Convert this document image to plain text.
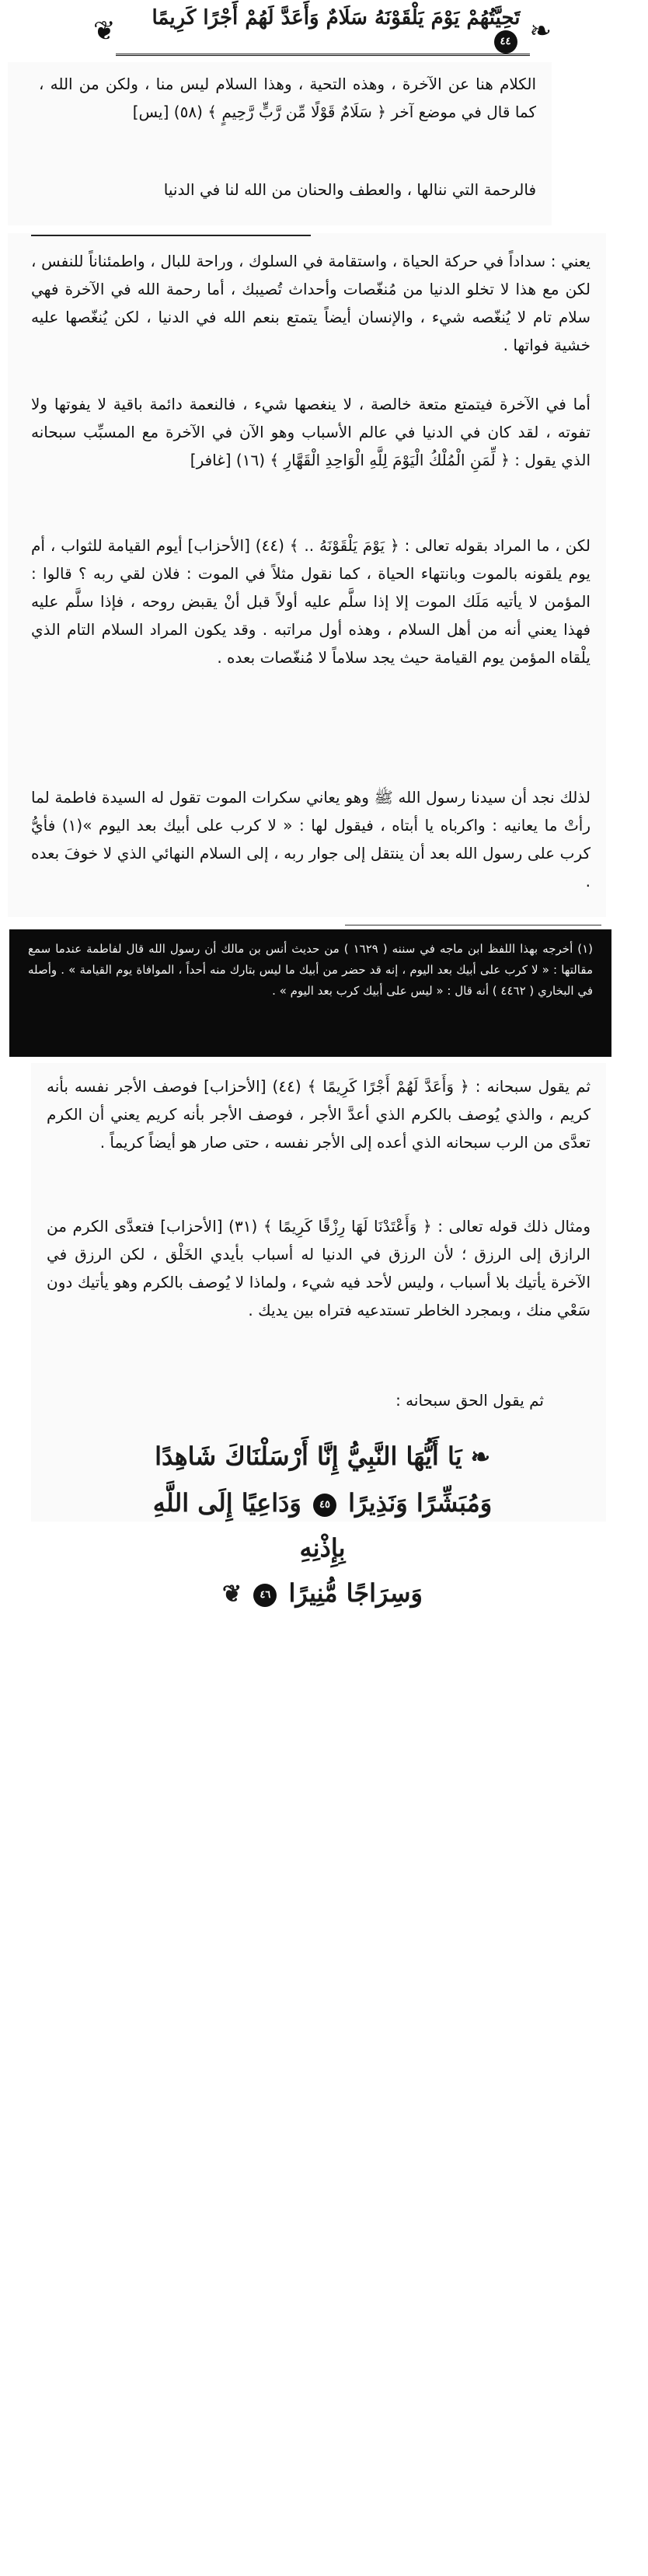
❦	تَحِيَّتُهُمْ يَوْمَ يَلْقَوْنَهُ سَلَامٌ وَأَعَدَّ لَهُمْ أَجْرًا كَرِيمًا ٤٤ ❧
الكلام هنا عن الآخرة ، وهذه التحية ، وهذا السلام ليس منا ، ولكن من الله ، كما قال في موضع آخر ﴿ سَلَامٌ قَوْلًا مِّن رَّبٍّ رَّحِيمٍ ﴾ (٥٨) [يس]
فالرحمة التي ننالها ، والعطف والحنان من الله لنا في الدنيا
يعني : سداداً في حركة الحياة ، واستقامة في السلوك ، وراحة للبال ، واطمئناناً للنفس ، لكن مع هذا لا تخلو الدنيا من مُنغّصات وأحداث تُصيبك ، أما رحمة الله في الآخرة فهي سلام تام لا يُنغّصه شيء ، والإنسان أيضاً يتمتع بنعم الله في الدنيا ، لكن يُنغّصها عليه خشية فواتها .
أما في الآخرة فيتمتع متعة خالصة ، لا ينغصها شيء ، فالنعمة دائمة باقية لا يفوتها ولا تفوته ، لقد كان في الدنيا في عالم الأسباب وهو الآن في الآخرة مع المسبِّب سبحانه الذي يقول : ﴿ لِّمَنِ الْمُلْكُ الْيَوْمَ لِلَّهِ الْوَاحِدِ الْقَهَّارِ ﴾ (١٦) [غافر]
لكن ، ما المراد بقوله تعالى : ﴿ يَوْمَ يَلْقَوْنَهُ .. ﴾ (٤٤) [الأحزاب] أيوم القيامة للثواب ، أم يوم يلقونه بالموت وبانتهاء الحياة ، كما نقول مثلاً في الموت : فلان لقي ربه ؟ قالوا : المؤمن لا يأتيه مَلَك الموت إلا إذا سلَّم عليه أولاً قبل أنْ يقبض روحه ، فإذا سلَّم عليه فهذا يعني أنه من أهل السلام ، وهذه أول مراتبه . وقد يكون المراد السلام التام الذي يلْقاه المؤمن يوم القيامة حيث يجد سلاماً لا مُنغّصات بعده .
لذلك نجد أن سيدنا رسول الله ﷺ وهو يعاني سكرات الموت تقول له السيدة فاطمة لما رأتْ ما يعانيه : واكرباه يا أبتاه ، فيقول لها : « لا كرب على أبيك بعد اليوم »(١) فأيُّ كرب على رسول الله بعد أن ينتقل إلى جوار ربه ، إلى السلام النهائي الذي لا خوفَ بعده .
(١) أخرجه بهذا اللفظ ابن ماجه في سننه ( ١٦٢٩ ) من حديث أنس بن مالك أن رسول الله قال لفاطمة عندما سمع مقالتها : « لا كرب على أبيك بعد اليوم ، إنه قد حضر من أبيك ما ليس بتارك منه أحداً ، الموافاة يوم القيامة » . وأصله في البخاري ( ٤٤٦٢ ) أنه قال : « ليس على أبيك كرب بعد اليوم » .
ثم يقول سبحانه : ﴿ وَأَعَدَّ لَهُمْ أَجْرًا كَرِيمًا ﴾ (٤٤) [الأحزاب] فوصف الأجر نفسه بأنه كريم ، والذي يُوصف بالكرم الذي أعدَّ الأجر ، فوصف الأجر بأنه كريم يعني أن الكرم تعدَّى من الرب سبحانه الذي أعده إلى الأجر نفسه ، حتى صار هو أيضاً كريماً .
ومثال ذلك قوله تعالى : ﴿ وَأَعْتَدْنَا لَهَا رِزْقًا كَرِيمًا ﴾ (٣١) [الأحزاب] فتعدَّى الكرم من الرازق إلى الرزق ؛ لأن الرزق في الدنيا له أسباب بأيدي الخَلْق ، لكن الرزق في الآخرة يأتيك بلا أسباب ، وليس لأحد فيه شيء ، ولماذا لا يُوصف بالكرم وهو يأتيك دون سَعْي منك ، وبمجرد الخاطر تستدعيه فتراه بين يديك .
ثم يقول الحق سبحانه :
❧ يَا أَيُّهَا النَّبِيُّ إِنَّا أَرْسَلْنَاكَ شَاهِدًا
وَمُبَشِّرًا وَنَذِيرًا ٤٥ وَدَاعِيًا إِلَى اللَّهِ بِإِذْنِهِ
وَسِرَاجًا مُّنِيرًا ٤٦ ❦
